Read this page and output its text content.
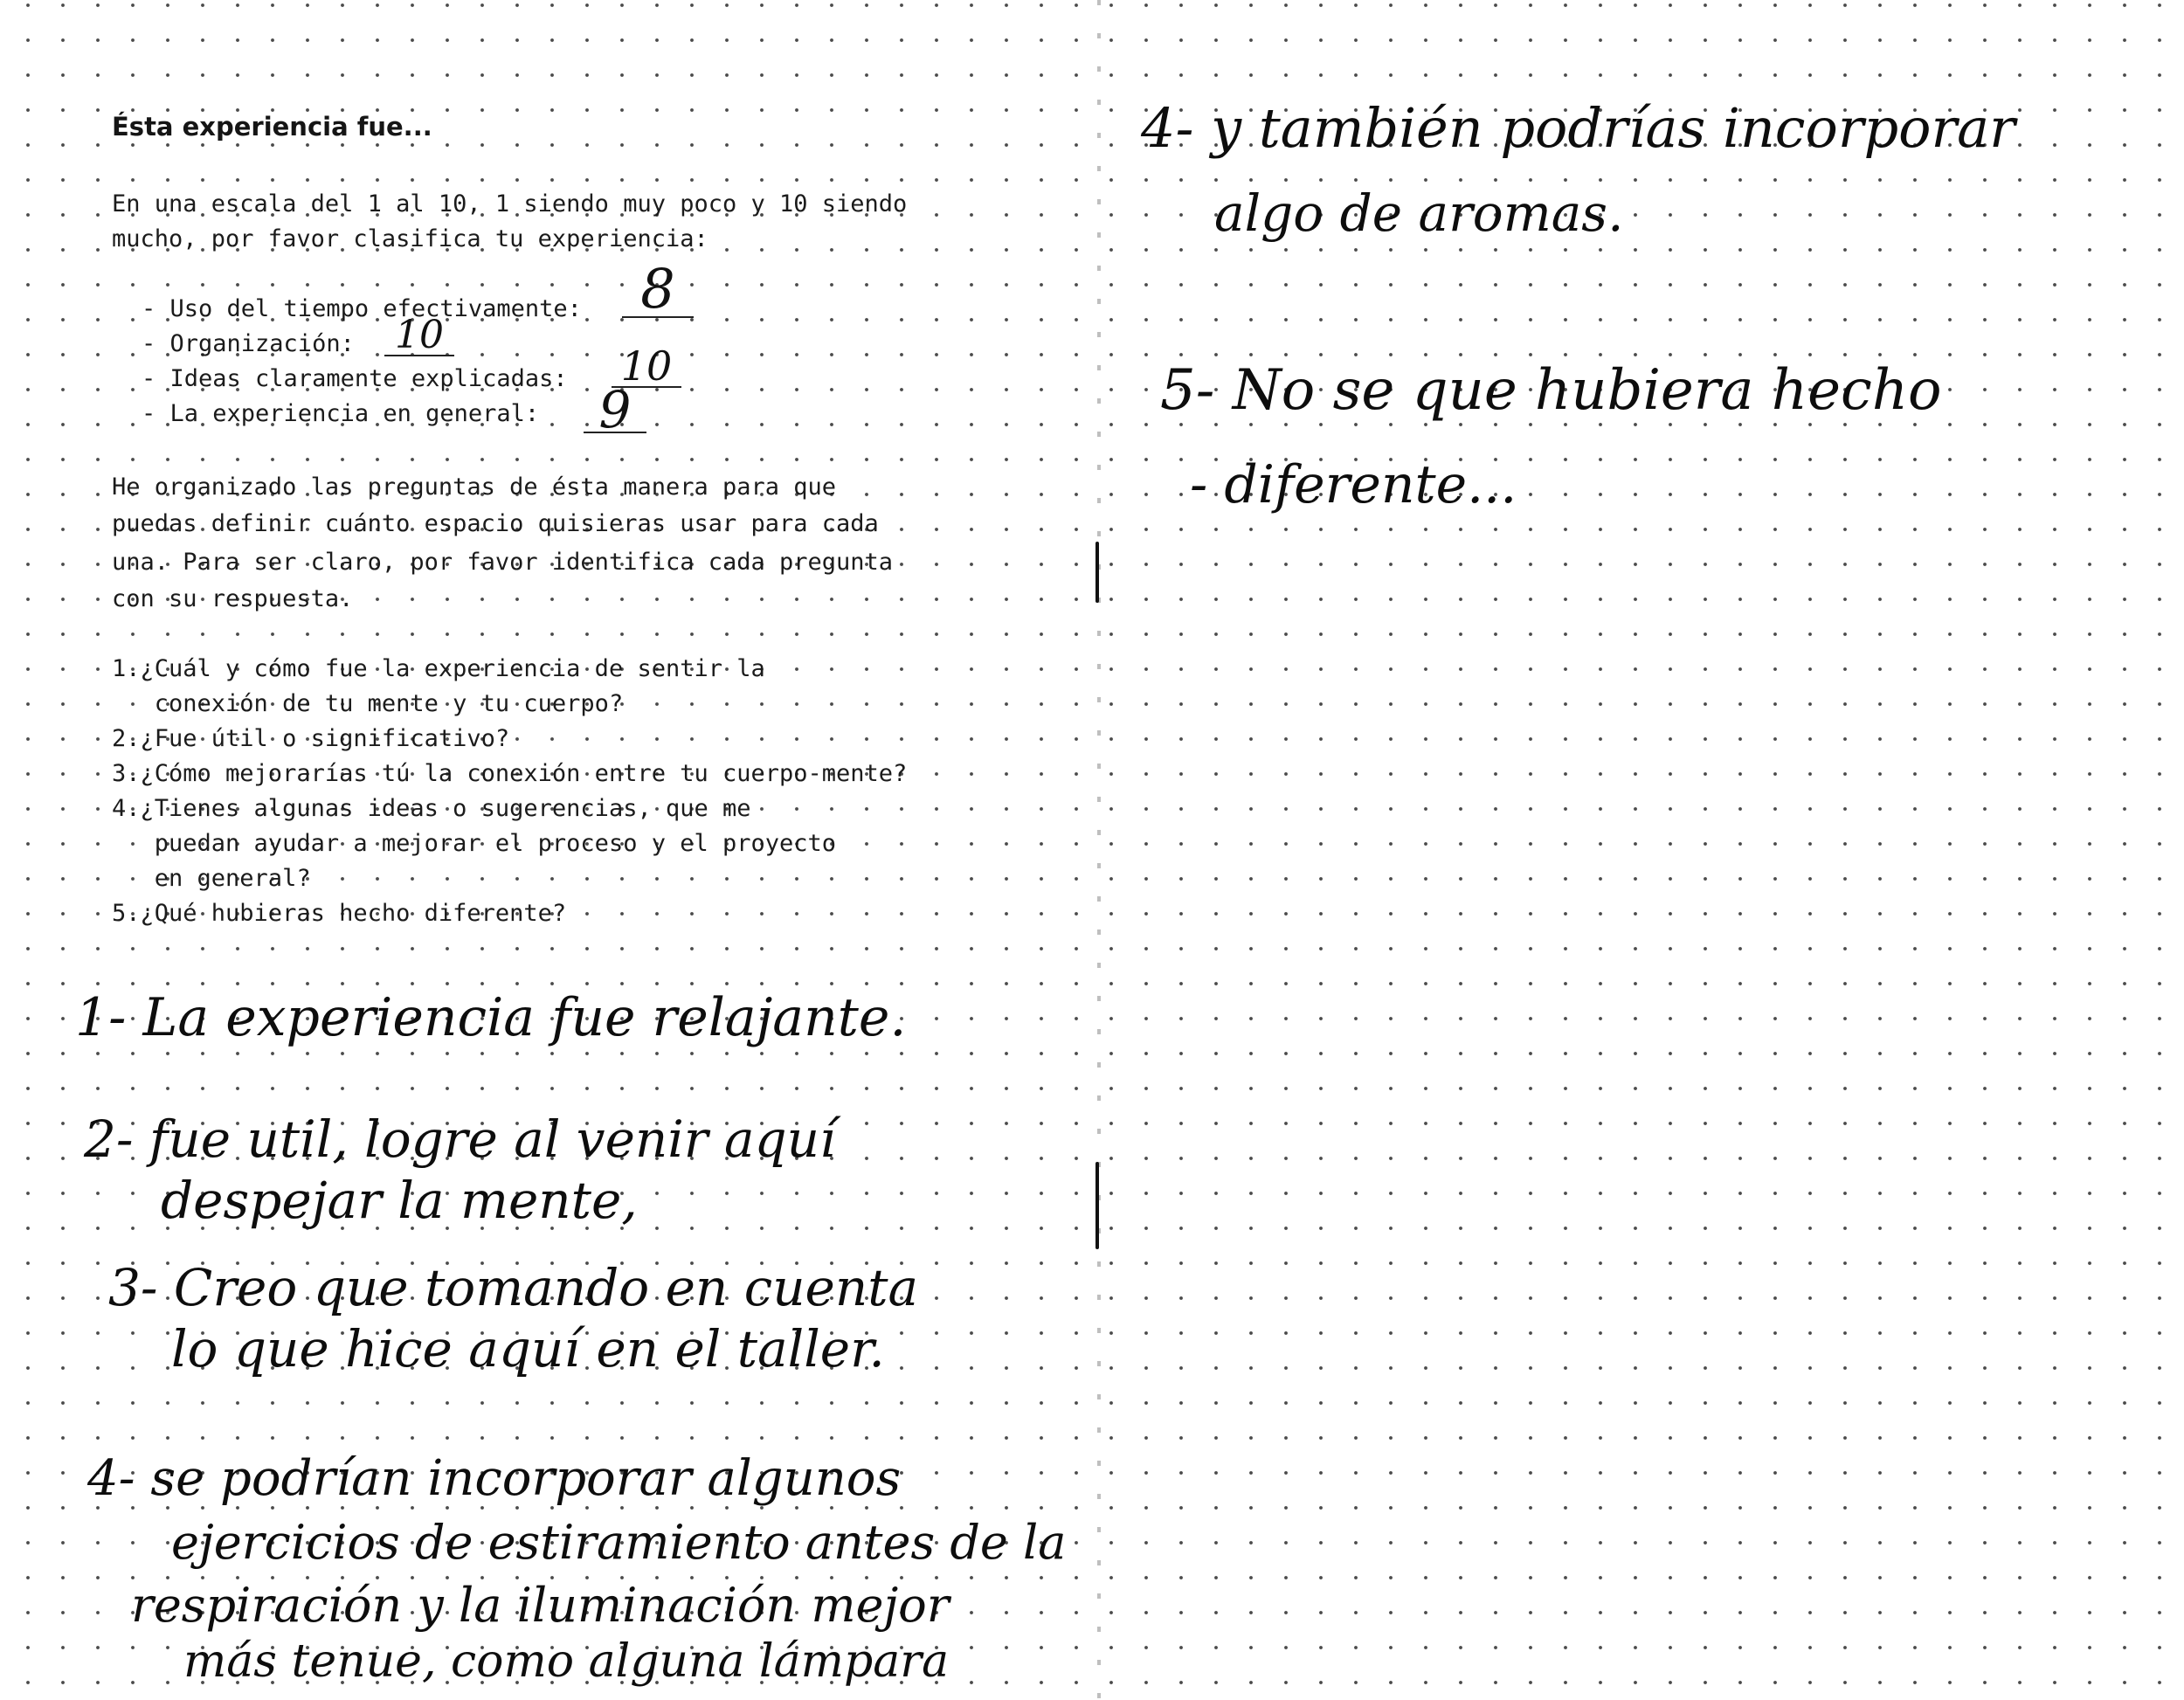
Ésta experiencia fue...
En una escala del 1 al 10, 1 siendo muy poco y 10 siendo
mucho, por favor clasifica tu experiencia:
- Uso del tiempo efectivamente:	8
- Organización: 10
- Ideas claramente explicadas: 10
- La experiencia en general:	9
He organizado las preguntas de ésta manera para que
puedas definir cuánto espacio quisieras usar para cada
una. Para ser claro, por favor identifica cada pregunta
con su respuesta.
1.¿Cuál y cómo fue la experiencia de sentir la
conexión de tu mente y tu cuerpo?
2.¿Fue útil o significativo?
3.¿Cómo mejorarías tú la conexión entre tu cuerpo-mente?
4.¿Tienes algunas ideas o sugerencias, que me
puedan ayudar a mejorar el proceso y el proyecto
en general?
5.¿Qué hubieras hecho diferente?
1- La experiencia fue relajante.
2- fue util, logre al venir aquí
despejar la mente,
3- Creo que tomando en cuenta
lo que hice aquí en el taller.
4- se podrían incorporar algunos
ejercicios de estiramiento antes de la
respiración y la iluminación mejor
más tenue, como alguna lámpara
4- y también podrías incorporar
algo de aromas.
5- No se que hubiera hecho
- diferente...
